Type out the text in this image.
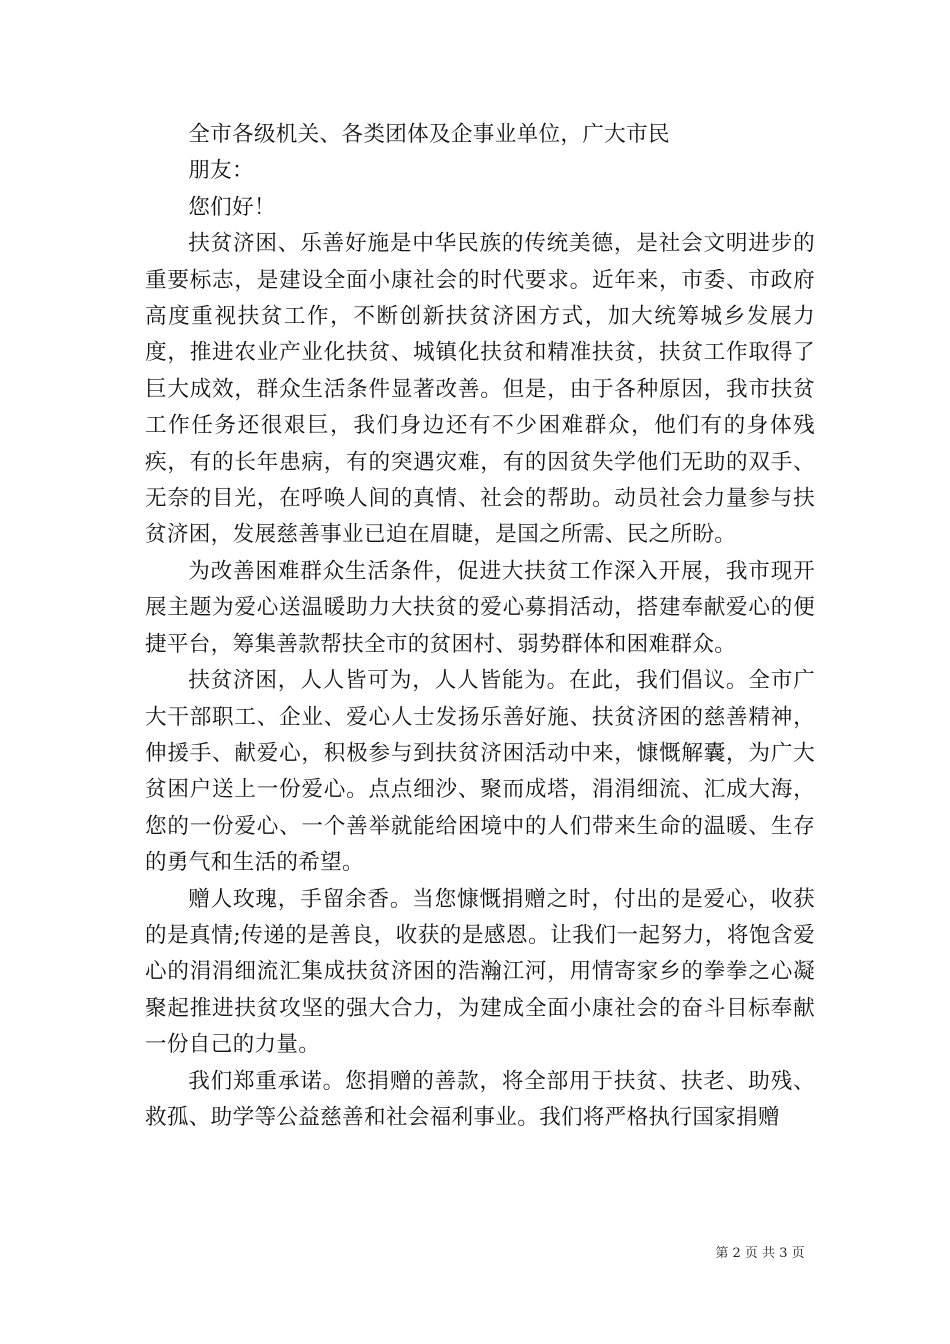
全市各级机关、各类团体及企事业单位，广大市民

朋友：

您们好！

扶贫济困、乐善好施是中华民族的传统美德，是社会文明进步的重要标志，是建设全面小康社会的时代要求。近年来，市委、市政府高度重视扶贫工作，不断创新扶贫济困方式，加大统筹城乡发展力度，推进农业产业化扶贫、城镇化扶贫和精准扶贫，扶贫工作取得了巨大成效，群众生活条件显著改善。但是，由于各种原因，我市扶贫工作任务还很艰巨，我们身边还有不少困难群众，他们有的身体残疾，有的长年患病，有的突遇灾难，有的因贫失学他们无助的双手、无奈的目光，在呼唤人间的真情、社会的帮助。动员社会力量参与扶贫济困，发展慈善事业已迫在眉睫，是国之所需、民之所盼。

为改善困难群众生活条件，促进大扶贫工作深入开展，我市现开展主题为爱心送温暖助力大扶贫的爱心募捐活动，搭建奉献爱心的便捷平台，筹集善款帮扶全市的贫困村、弱势群体和困难群众。

扶贫济困，人人皆可为，人人皆能为。在此，我们倡议。全市广大干部职工、企业、爱心人士发扬乐善好施、扶贫济困的慈善精神，伸援手、献爱心，积极参与到扶贫济困活动中来，慷慨解囊，为广大贫困户送上一份爱心。点点细沙、聚而成塔，涓涓细流、汇成大海，您的一份爱心、一个善举就能给困境中的人们带来生命的温暖、生存的勇气和生活的希望。

赠人玫瑰，手留余香。当您慷慨捐赠之时，付出的是爱心，收获的是真情;传递的是善良，收获的是感恩。让我们一起努力，将饱含爱心的涓涓细流汇集成扶贫济困的浩瀚江河，用情寄家乡的拳拳之心凝聚起推进扶贫攻坚的强大合力，为建成全面小康社会的奋斗目标奉献一份自己的力量。

我们郑重承诺。您捐赠的善款，将全部用于扶贫、扶老、助残、救孤、助学等公益慈善和社会福利事业。我们将严格执行国家捐赠

第 2 页 共 3 页
